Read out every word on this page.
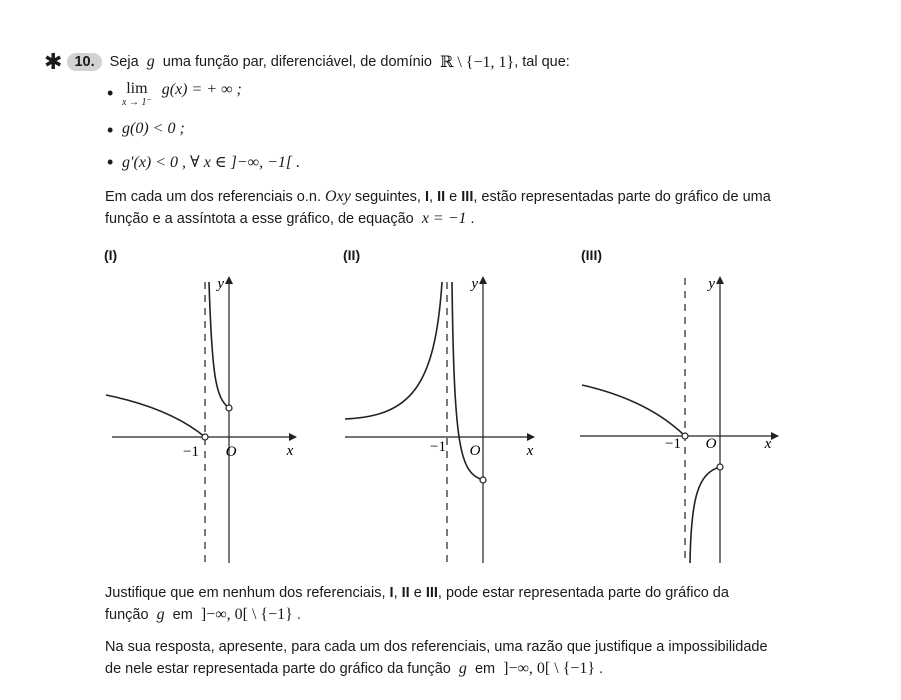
✱ 10.	Seja
g
uma função par, diferenciável, de domínio
ℝ \ {−1, 1} , tal que:
• lim
x → 1⁻
g(x) = + ∞ ;
• g(0) < 0 ;
• g′(x) < 0 , ∀ x ∈ ]−∞, −1[ .
Em cada um dos referenciais o.n. Oxy seguintes, I, II e III, estão representadas parte do gráfico de uma
função e a assíntota a esse gráfico, de equação x = −1 .
(I)	(II)	(III)
y
x
O
−1
y
x
O
−1
y
x
O
−1
Justifique que em nenhum dos referenciais, I, II e III, pode estar representada parte do gráfico da
função g em ]−∞, 0[ \ {−1} .
Na sua resposta, apresente, para cada um dos referenciais, uma razão que justifique a impossibilidade
de nele estar representada parte do gráfico da função g em ]−∞, 0[ \ {−1} .
